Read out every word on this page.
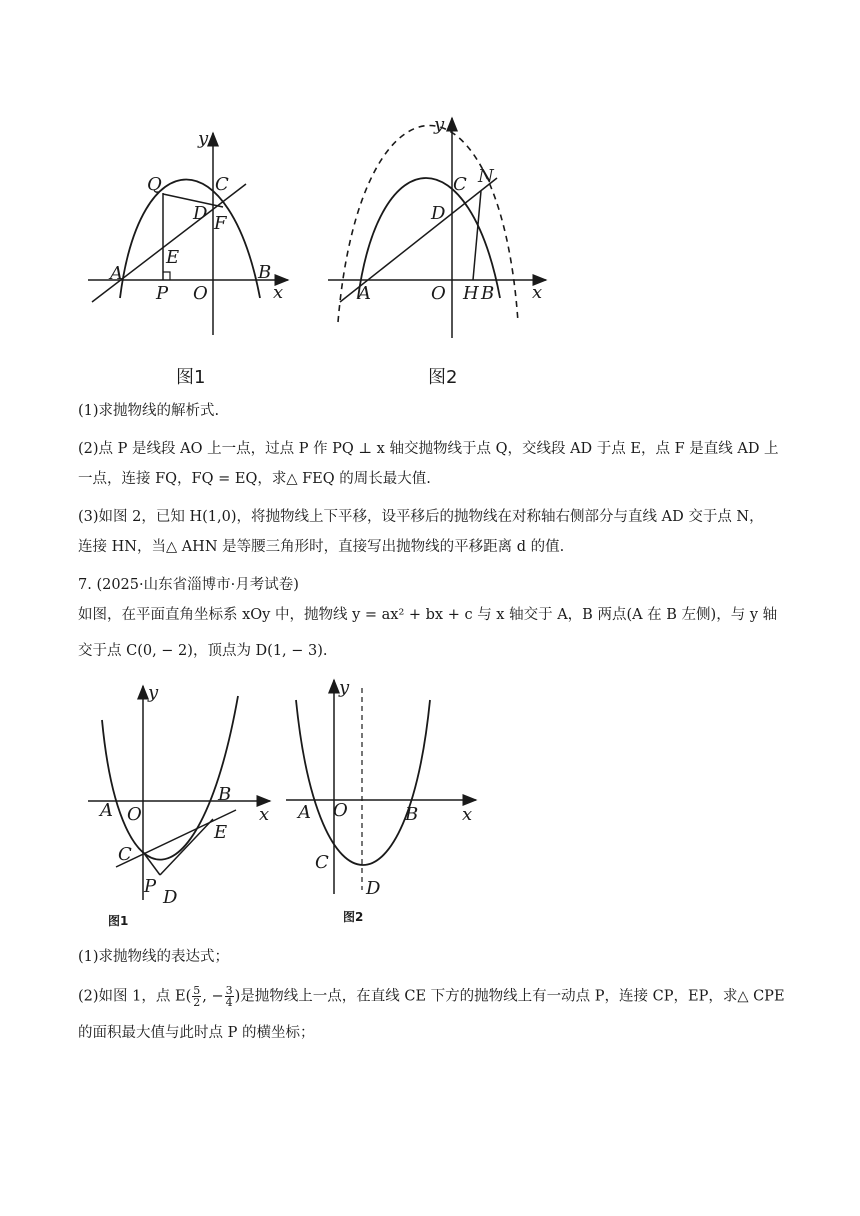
y
Q	C
D F
E
A
P O
B
x
图1
y
C N
D
A	O H B x
图2
(1)求抛物线的解析式.
(2)点 P 是线段 AO 上一点，过点 P 作 PQ ⊥ x 轴交抛物线于点 Q，交线段 AD 于点 E，点 F 是直线 AD 上
一点，连接 FQ，FQ = EQ，求△ FEQ 的周长最大值.
(3)如图 2，已知 H(1,0)，将抛物线上下平移，设平移后的抛物线在对称轴右侧部分与直线 AD 交于点 N，
连接 HN，当△ AHN 是等腰三角形时，直接写出抛物线的平移距离 d 的值.
7. (2025·山东省淄博市·月考试卷)
如图，在平面直角坐标系 xOy 中，抛物线 y = ax² + bx + c 与 x 轴交于 A，B 两点(A 在 B 左侧)，与 y 轴
交于点 C(0, − 2)，顶点为 D(1, − 3).
y
A O
B
x
C
E
P
D
图1
y
A O	B x
C
D
图2
(1)求抛物线的表达式；
(2)如图 1，点 $E( \frac{5}{2}$ , − $\frac{3}{4}$ )是抛物线上一点，在直线 CE 下方的抛物线上有一动点 P，连接 CP，EP，求△ CPE
的面积最大值与此时点 P 的横坐标；
